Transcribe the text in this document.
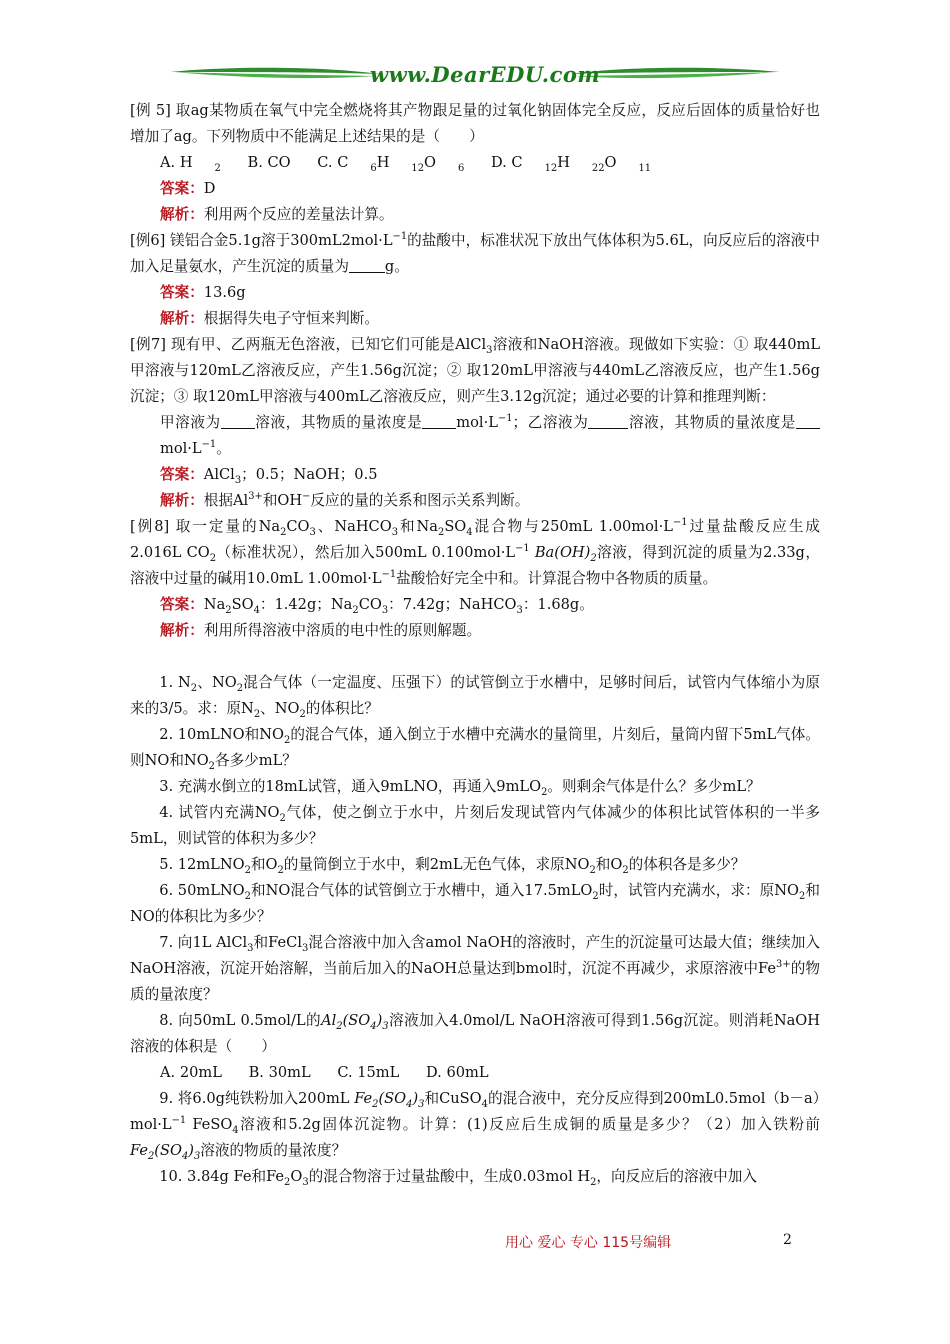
www.DearEDU.com

[例 5] 取ag某物质在氧气中完全燃烧将其产物跟足量的过氧化钠固体完全反应，反应后固体的质量恰好也增加了ag。下列物质中不能满足上述结果的是（　　）

A. H $_2$ B. CO C. C $_6$H $_{12}$O $_6$ D. C $_{12}$H $_{22}$O $_{11}$

答案：D

解析：利用两个反应的差量法计算。

[例6] 镁铝合金5.1g溶于$300mL2mol\cdot L^{-1}$的盐酸中，标准状况下放出气体体积为5.6L，向反应后的溶液中加入足量氨水，产生沉淀的质量为 g。

答案：13.6g

解析：根据得失电子守恒来判断。

[例7] 现有甲、乙两瓶无色溶液，已知它们可能是AlCl$_3$溶液和NaOH溶液。现做如下实验：① 取440mL甲溶液与120mL乙溶液反应，产生1.56g沉淀；② 取120mL甲溶液与440mL乙溶液反应，也产生1.56g沉淀；③ 取120mL甲溶液与400mL乙溶液反应，则产生3.12g沉淀；通过必要的计算和推理判断：

甲溶液为 溶液，其物质的量浓度是 $mol\cdot L^{-1}$；乙溶液为	溶液，其物质的量浓度是$mol\cdot L^{-1}$。

答案：AlCl$_3$；0.5；NaOH；0.5

解析：根据$Al^{3+}$和OH−反应的量的关系和图示关系判断。

[例8] 取一定量的$Na_2CO_3$、NaHCO$_3$和$Na_2SO_4$混合物与250mL $1.00mol\cdot L^{-1}$过量盐酸反应生成2.016L $CO_2$（标准状况），然后加入500mL $0.100mol\cdot L^{-1}$ $Ba(OH)_2$溶液，得到沉淀的质量为2.33g，溶液中过量的碱用10.0mL $1.00mol\cdot L^{-1}$盐酸恰好完全中和。计算混合物中各物质的质量。

答案：$Na_2SO_4$：1.42g；$Na_2CO_3$：7.42g；NaHCO$_3$：1.68g。

解析：利用所得溶液中溶质的电中性的原则解题。

1. $N_2$、$NO_2$混合气体（一定温度、压强下）的试管倒立于水槽中，足够时间后，试管内气体缩小为原来的3/5。求：原$N_2$、$NO_2$的体积比？

2. 10mLNO和$NO_2$的混合气体，通入倒立于水槽中充满水的量筒里，片刻后，量筒内留下5mL气体。则NO和$NO_2$各多少mL？

3. 充满水倒立的18mL试管，通入9mLNO，再通入9mLO$_2$。则剩余气体是什么？多少mL？

4. 试管内充满$NO_2$气体，使之倒立于水中，片刻后发现试管内气体减少的体积比试管体积的一半多5mL，则试管的体积为多少？

5. 12mLNO$_2$和$O_2$的量筒倒立于水中，剩2mL无色气体，求原$NO_2$和$O_2$的体积各是多少？

6. 50mLNO$_2$和NO混合气体的试管倒立于水槽中，通入17.5mLO$_2$时，试管内充满水，求：原$NO_2$和NO的体积比为多少？

7. 向1L AlCl$_3$和FeCl$_3$混合溶液中加入含amol NaOH的溶液时，产生的沉淀量可达最大值；继续加入NaOH溶液，沉淀开始溶解，当前后加入的NaOH总量达到bmol时，沉淀不再减少，求原溶液中$Fe^{3+}$的物质的量浓度？

8. 向50mL 0.5mol/L的$Al_2(SO_4)_3$溶液加入4.0mol/L NaOH溶液可得到1.56g沉淀。则消耗NaOH溶液的体积是（　　）

A. 20mL B. 30mL C. 15mL D. 60mL

9. 将6.0g纯铁粉加入200mL $Fe_2(SO_4)_3$和CuSO$_4$的混合液中，充分反应得到$200mL0.5mol(b-a)mol\cdot L^{-1}$ FeSO$_4$溶液和5.2g固体沉淀物。计算：(1)反应后生成铜的质量是多少？（2）加入铁粉前$Fe_2(SO_4)_3$溶液的物质的量浓度？

10. 3.84g Fe和$Fe_2O_3$的混合物溶于过量盐酸中，生成0.03mol $H_2$，向反应后的溶液中加入

用心 爱心 专心 115号编辑	2
